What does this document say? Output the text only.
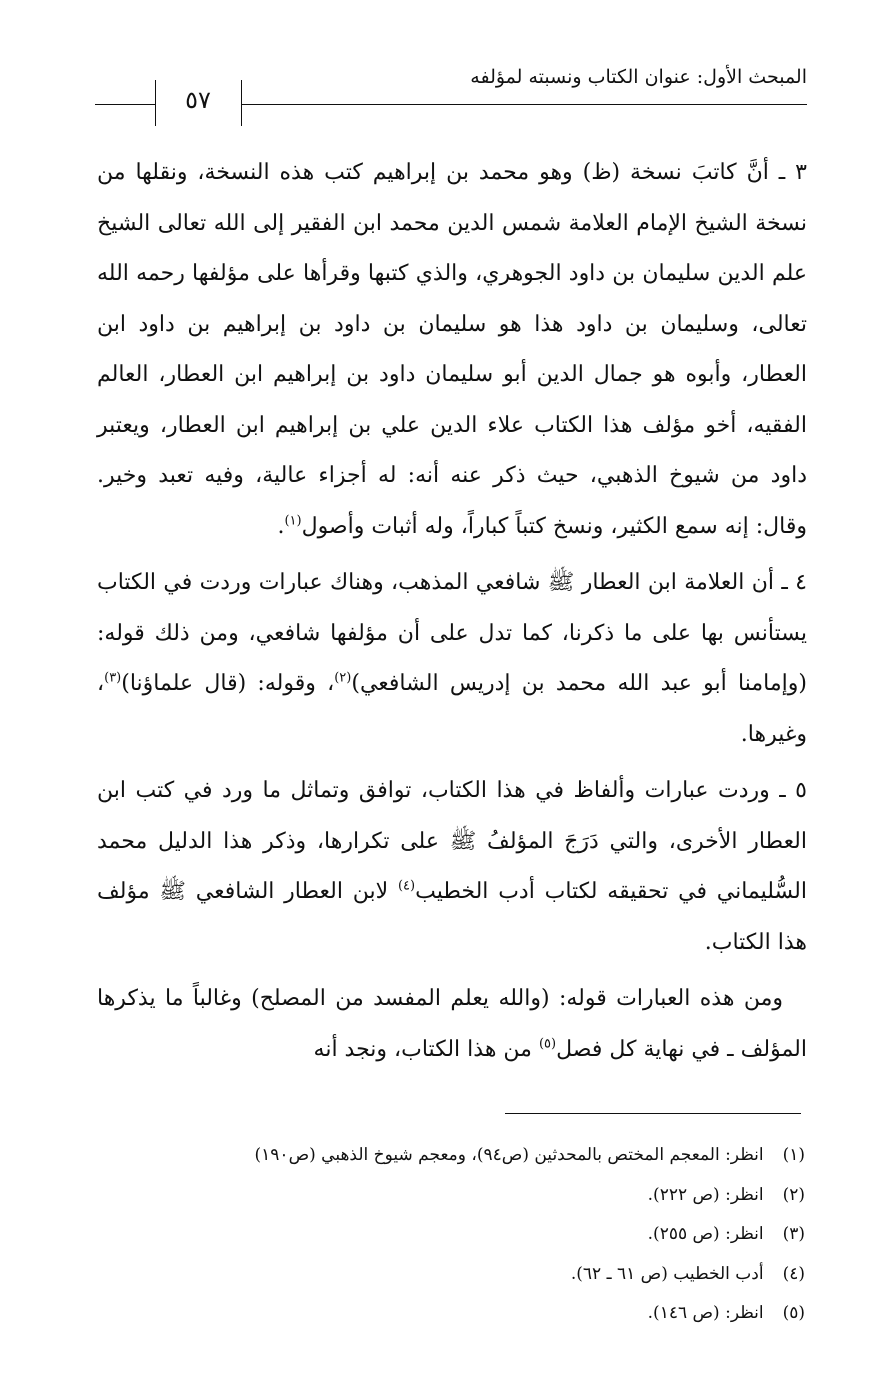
المبحث الأول: عنوان الكتاب ونسبته لمؤلفه
٥٧

٣ ـ أنَّ كاتبَ نسخة (ظ) وهو محمد بن إبراهيم كتب هذه النسخة، ونقلها من نسخة الشيخ الإمام العلامة شمس الدين محمد ابن الفقير إلى الله تعالى الشيخ علم الدين سليمان بن داود الجوهري، والذي كتبها وقرأها على مؤلفها رحمه الله تعالى، وسليمان بن داود هذا هو سليمان بن داود بن إبراهيم بن داود ابن العطار، وأبوه هو جمال الدين أبو سليمان داود بن إبراهيم ابن العطار، العالم الفقيه، أخو مؤلف هذا الكتاب علاء الدين علي بن إبراهيم ابن العطار، ويعتبر داود من شيوخ الذهبي، حيث ذكر عنه أنه: له أجزاء عالية، وفيه تعبد وخير. وقال: إنه سمع الكثير، ونسخ كتباً كباراً، وله أثبات وأصول$^{(١)}$.

٤ ـ أن العلامة ابن العطار ﷺ شافعي المذهب، وهناك عبارات وردت في الكتاب يستأنس بها على ما ذكرنا، كما تدل على أن مؤلفها شافعي، ومن ذلك قوله: (وإمامنا أبو عبد الله محمد بن إدريس الشافعي)$^{(٢)}$، وقوله: (قال علماؤنا)$^{(٣)}$، وغيرها.

٥ ـ وردت عبارات وألفاظ في هذا الكتاب، توافق وتماثل ما ورد في كتب ابن العطار الأخرى، والتي دَرَجَ المؤلفُ ﷺ على تكرارها، وذكر هذا الدليل محمد السُّليماني في تحقيقه لكتاب أدب الخطيب$^{(٤)}$ لابن العطار الشافعي ﷺ مؤلف هذا الكتاب.

ومن هذه العبارات قوله: (والله يعلم المفسد من المصلح) وغالباً ما يذكرها المؤلف ـ في نهاية كل فصل$^{(٥)}$ من هذا الكتاب، ونجد أنه

(١) انظر: المعجم المختص بالمحدثين (ص٩٤)، ومعجم شيوخ الذهبي (ص١٩٠)
(٢) انظر: (ص ٢٢٢).
(٣) انظر: (ص ٢٥٥).
(٤) أدب الخطيب (ص ٦١ ـ ٦٢).
(٥) انظر: (ص ١٤٦).
